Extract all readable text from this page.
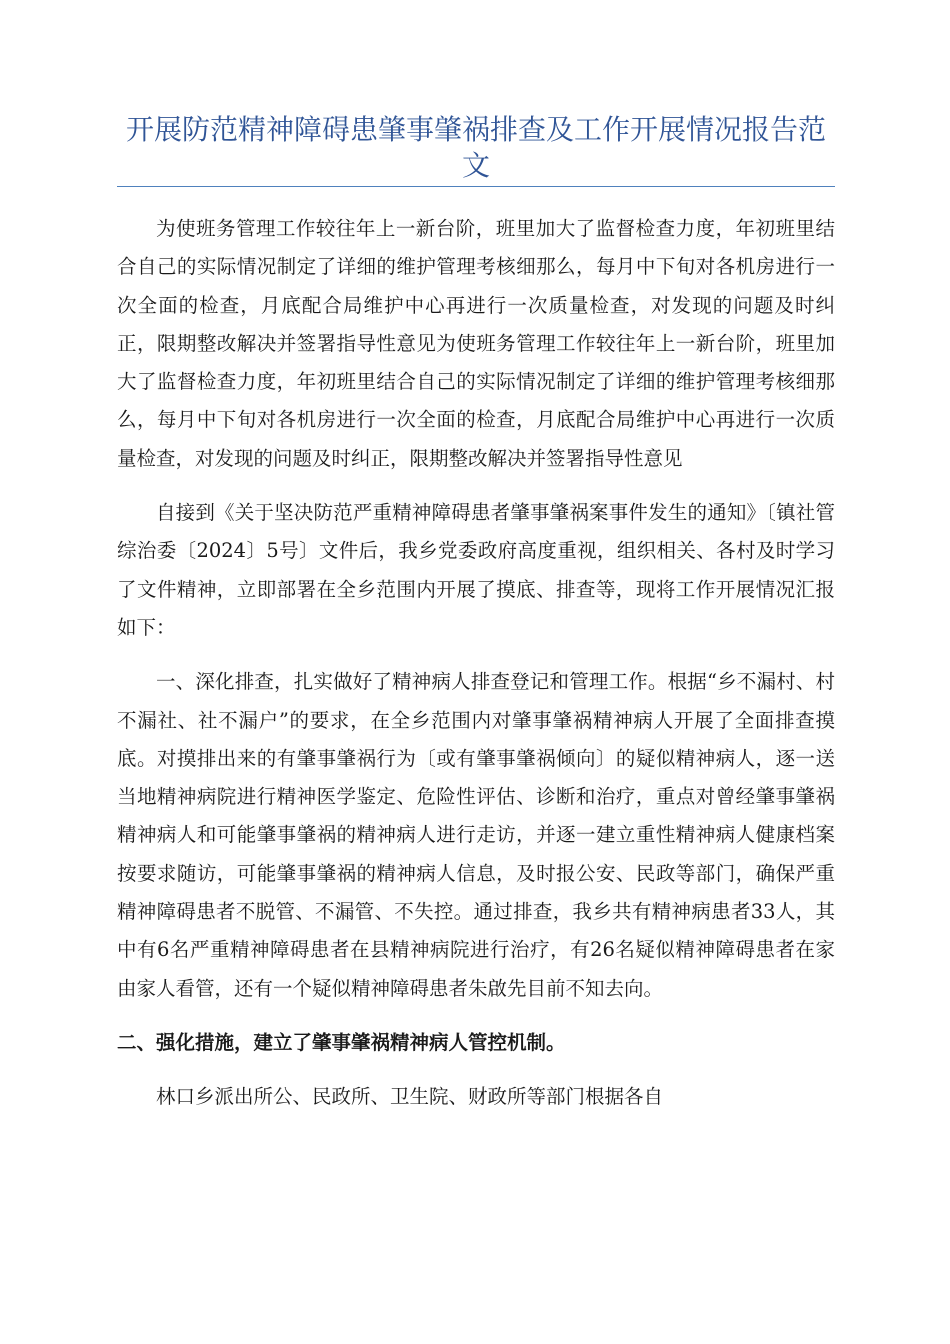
开展防范精神障碍患肇事肇祸排查及工作开展情况报告范文

为使班务管理工作较往年上一新台阶，班里加大了监督检查力度，年初班里结合自己的实际情况制定了详细的维护管理考核细那么，每月中下旬对各机房进行一次全面的检查，月底配合局维护中心再进行一次质量检查，对发现的问题及时纠正，限期整改解决并签署指导性意见为使班务管理工作较往年上一新台阶，班里加大了监督检查力度，年初班里结合自己的实际情况制定了详细的维护管理考核细那么，每月中下旬对各机房进行一次全面的检查，月底配合局维护中心再进行一次质量检查，对发现的问题及时纠正，限期整改解决并签署指导性意见

自接到《关于坚决防范严重精神障碍患者肇事肇祸案事件发生的通知》〔镇社管综治委〔2024〕5号〕文件后，我乡党委政府高度重视，组织相关、各村及时学习了文件精神，立即部署在全乡范围内开展了摸底、排查等，现将工作开展情况汇报如下：

一、深化排查，扎实做好了精神病人排查登记和管理工作。根据“乡不漏村、村不漏社、社不漏户”的要求，在全乡范围内对肇事肇祸精神病人开展了全面排查摸底。对摸排出来的有肇事肇祸行为〔或有肇事肇祸倾向〕的疑似精神病人，逐一送当地精神病院进行精神医学鉴定、危险性评估、诊断和治疗，重点对曾经肇事肇祸精神病人和可能肇事肇祸的精神病人进行走访，并逐一建立重性精神病人健康档案按要求随访，可能肇事肇祸的精神病人信息，及时报公安、民政等部门，确保严重精神障碍患者不脱管、不漏管、不失控。通过排查，我乡共有精神病患者33人，其中有6名严重精神障碍患者在县精神病院进行治疗，有26名疑似精神障碍患者在家由家人看管，还有一个疑似精神障碍患者朱啟先目前不知去向。

二、强化措施，建立了肇事肇祸精神病人管控机制。

林口乡派出所公、民政所、卫生院、财政所等部门根据各自
